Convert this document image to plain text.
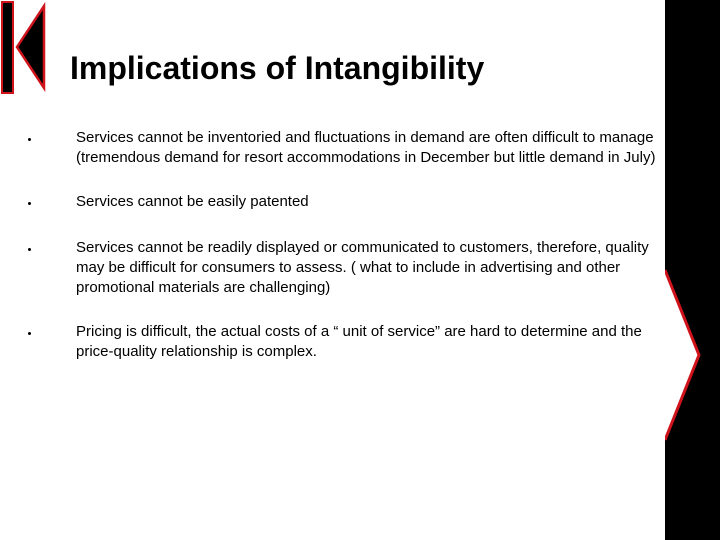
Implications of Intangibility
Services cannot be inventoried and fluctuations in demand are often difficult to manage (tremendous demand for resort accommodations in December but little demand in July)
Services cannot be easily patented
Services cannot be readily displayed or communicated to customers, therefore, quality may be difficult for consumers to assess. ( what to include in advertising and other promotional materials are challenging)
Pricing is difficult, the actual costs of a “ unit of service” are hard to determine and the price-quality relationship is complex.
